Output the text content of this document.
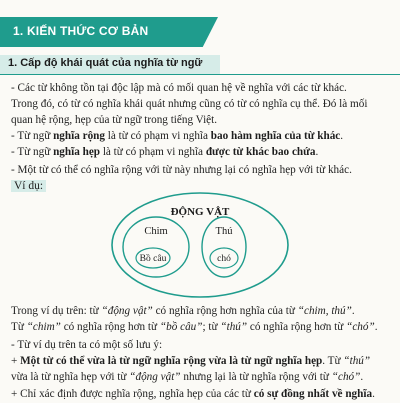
1. KIẾN THỨC CƠ BẢN
1. Cấp độ khái quát của nghĩa từ ngữ
- Các từ không tồn tại độc lập mà có mối quan hệ về nghĩa với các từ khác.
Trong đó, có từ có nghĩa khái quát nhưng cũng có từ có nghĩa cụ thể. Đó là mối
quan hệ rộng, hẹp của từ ngữ trong tiếng Việt.
- Từ ngữ nghĩa rộng là từ có phạm vi nghĩa bao hàm nghĩa của từ khác.
- Từ ngữ nghĩa hẹp là từ có phạm vi nghĩa được từ khác bao chứa.
- Một từ có thể có nghĩa rộng với từ này nhưng lại có nghĩa hẹp với từ khác.
Ví dụ:
ĐỘNG VẬT
Chim
Bồ câu
Thú
chó
Trong ví dụ trên: từ “động vật” có nghĩa rộng hơn nghĩa của từ “chim, thú”.
Từ “chim” có nghĩa rộng hơn từ “bồ câu”; từ “thú” có nghĩa rộng hơn từ “chó”.
- Từ ví dụ trên ta có một số lưu ý:
+ Một từ có thể vừa là từ ngữ nghĩa rộng vừa là từ ngữ nghĩa hẹp. Từ “thú”
vừa là từ nghĩa hẹp với từ “động vật” nhưng lại là từ nghĩa rộng với từ “chó”.
+ Chỉ xác định được nghĩa rộng, nghĩa hẹp của các từ có sự đồng nhất về nghĩa.
